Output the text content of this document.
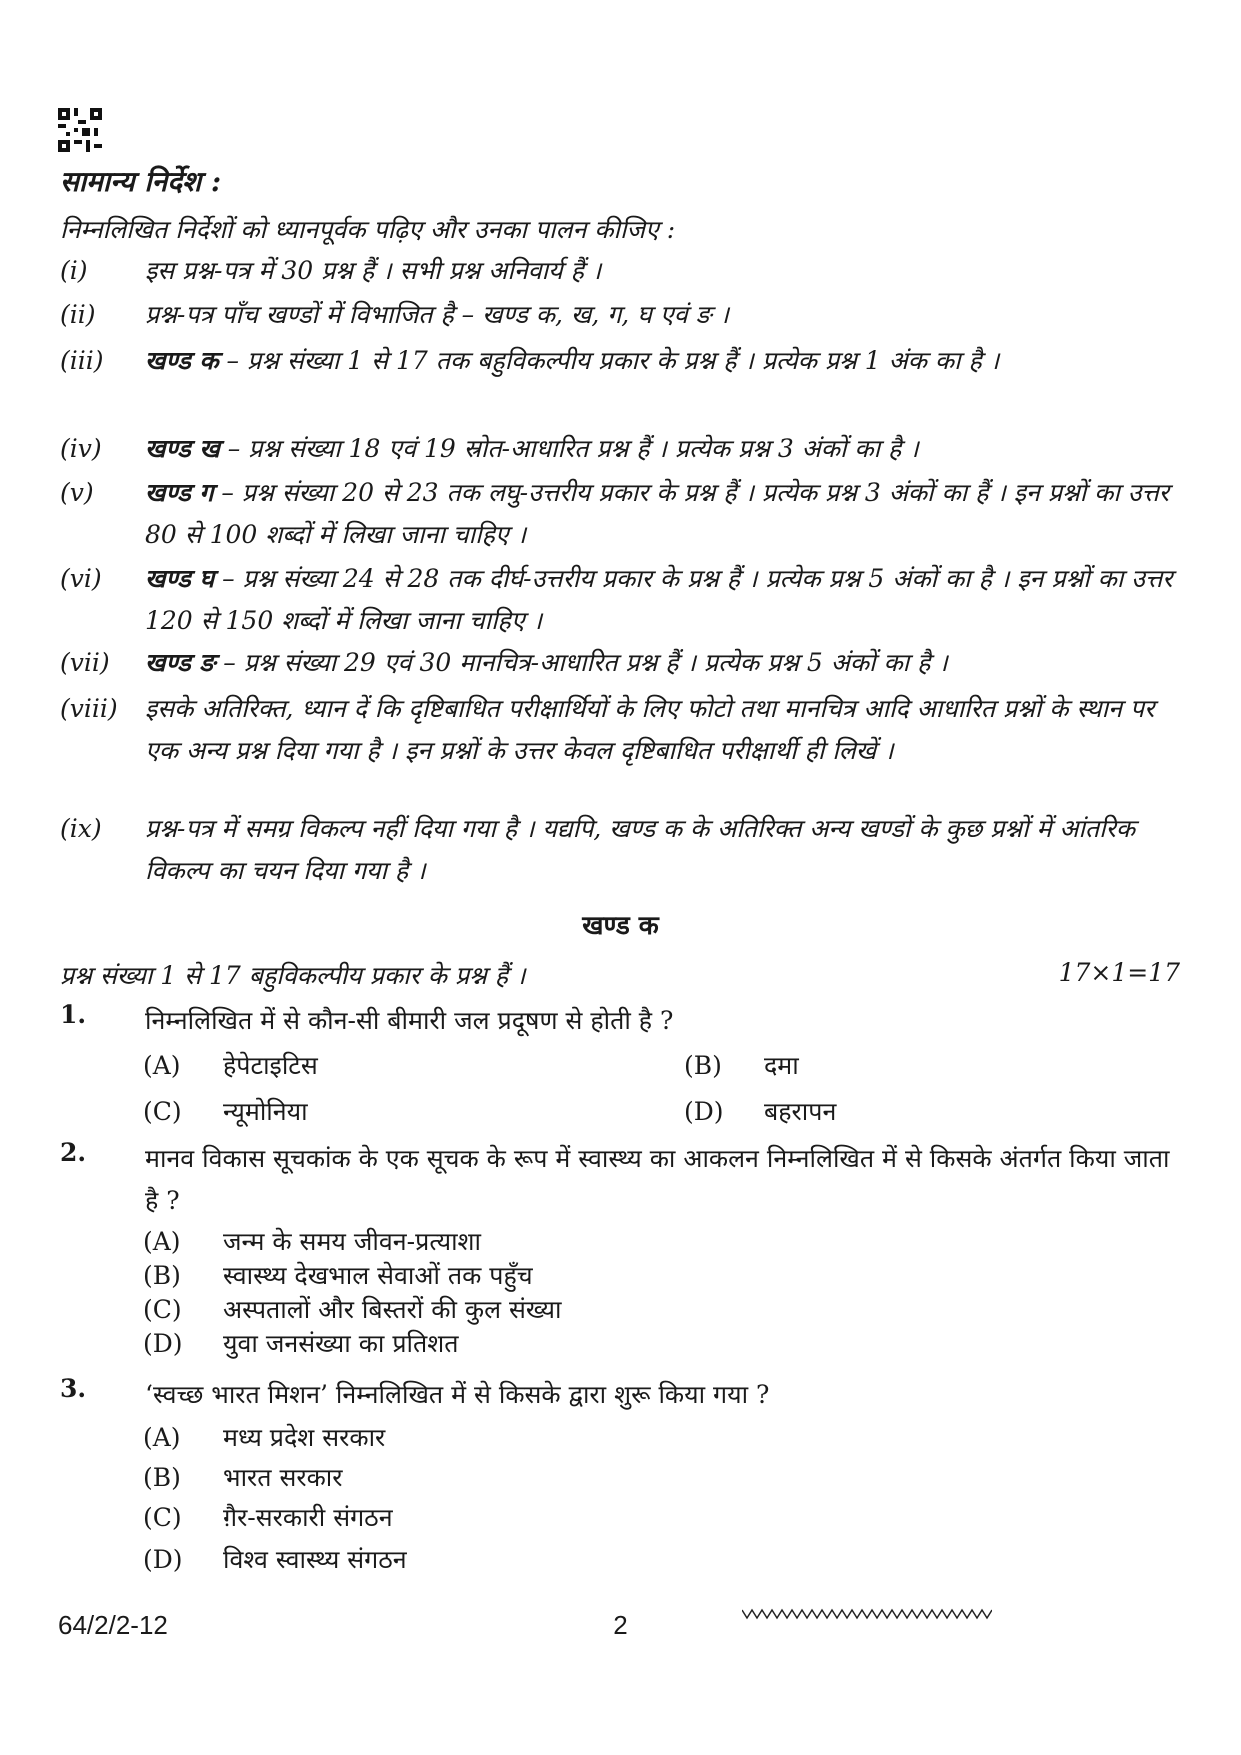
सामान्य निर्देश :
निम्नलिखित निर्देशों को ध्यानपूर्वक पढ़िए और उनका पालन कीजिए :
(i)	इस प्रश्न-पत्र में 30 प्रश्न हैं । सभी प्रश्न अनिवार्य हैं ।
(ii)	प्रश्न-पत्र पाँच खण्डों में विभाजित है – खण्ड क, ख, ग, घ एवं ङ ।
(iii)	खण्ड क – प्रश्न संख्या 1 से 17 तक बहुविकल्पीय प्रकार के प्रश्न हैं । प्रत्येक प्रश्न 1 अंक का है ।
(iv)	खण्ड ख – प्रश्न संख्या 18 एवं 19 स्रोत-आधारित प्रश्न हैं । प्रत्येक प्रश्न 3 अंकों का है ।
(v)	खण्ड ग – प्रश्न संख्या 20 से 23 तक लघु-उत्तरीय प्रकार के प्रश्न हैं । प्रत्येक प्रश्न 3 अंकों का हैं । इन प्रश्नों का उत्तर 80 से 100 शब्दों में लिखा जाना चाहिए ।
(vi)	खण्ड घ – प्रश्न संख्या 24 से 28 तक दीर्घ-उत्तरीय प्रकार के प्रश्न हैं । प्रत्येक प्रश्न 5 अंकों का है । इन प्रश्नों का उत्तर 120 से 150 शब्दों में लिखा जाना चाहिए ।
(vii)	खण्ड ङ – प्रश्न संख्या 29 एवं 30 मानचित्र-आधारित प्रश्न हैं । प्रत्येक प्रश्न 5 अंकों का है ।
(viii)	इसके अतिरिक्त, ध्यान दें कि दृष्टिबाधित परीक्षार्थियों के लिए फोटो तथा मानचित्र आदि आधारित प्रश्नों के स्थान पर एक अन्य प्रश्न दिया गया है । इन प्रश्नों के उत्तर केवल दृष्टिबाधित परीक्षार्थी ही लिखें ।
(ix)	प्रश्न-पत्र में समग्र विकल्प नहीं दिया गया है । यद्यपि, खण्ड क के अतिरिक्त अन्य खण्डों के कुछ प्रश्नों में आंतरिक विकल्प का चयन दिया गया है ।
खण्ड क
प्रश्न संख्या 1 से 17 बहुविकल्पीय प्रकार के प्रश्न हैं ।	17×1=17
1. निम्नलिखित में से कौन-सी बीमारी जल प्रदूषण से होती है ?
(A) हेपेटाइटिस	(B) दमा
(C) न्यूमोनिया	(D) बहरापन
2. मानव विकास सूचकांक के एक सूचक के रूप में स्वास्थ्य का आकलन निम्नलिखित में से किसके अंतर्गत किया जाता है ?
(A) जन्म के समय जीवन-प्रत्याशा
(B) स्वास्थ्य देखभाल सेवाओं तक पहुँच
(C) अस्पतालों और बिस्तरों की कुल संख्या
(D) युवा जनसंख्या का प्रतिशत
3. ‘स्वच्छ भारत मिशन’ निम्नलिखित में से किसके द्वारा शुरू किया गया ?
(A) मध्य प्रदेश सरकार
(B) भारत सरकार
(C) ग़ैर-सरकारी संगठन
(D) विश्व स्वास्थ्य संगठन
64/2/2-12	2
